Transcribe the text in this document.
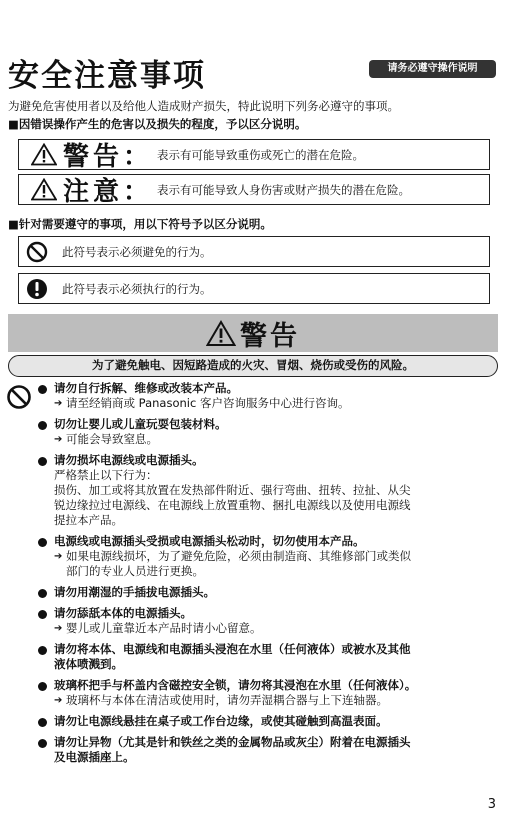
安全注意事项	请务必遵守操作说明
为避免危害使用者以及给他人造成财产损失，特此说明下列务必遵守的事项。
■因错误操作产生的危害以及损失的程度，予以区分说明。
警告 ： 表示有可能导致重伤或死亡的潜在危险。
注意 ： 表示有可能导致人身伤害或财产损失的潜在危险。
■针对需要遵守的事项，用以下符号予以区分说明。
此符号表示必须避免的行为。
此符号表示必须执行的行为。
警告
为了避免触电、因短路造成的火灾、冒烟、烧伤或受伤的风险。
请勿自行拆解、维修或改装本产品。
➔ 请至经销商或 Panasonic 客户咨询服务中心进行咨询。
切勿让婴儿或儿童玩耍包装材料。
➔ 可能会导致窒息。
请勿损坏电源线或电源插头。
严格禁止以下行为：
损伤、加工或将其放置在发热部件附近、强行弯曲、扭转、拉扯、从尖
锐边缘拉过电源线、在电源线上放置重物、捆扎电源线以及使用电源线
提拉本产品。
电源线或电源插头受损或电源插头松动时，切勿使用本产品。
➔ 如果电源线损坏，为了避免危险，必须由制造商、其维修部门或类似
部门的专业人员进行更换。
请勿用潮湿的手插拔电源插头。
请勿舔舐本体的电源插头。
➔ 婴儿或儿童靠近本产品时请小心留意。
请勿将本体、电源线和电源插头浸泡在水里（任何液体）或被水及其他
液体喷溅到。
玻璃杯把手与杯盖内含磁控安全锁，请勿将其浸泡在水里（任何液体）。
➔ 玻璃杯与本体在清洁或使用时，请勿弄湿耦合器与上下连轴器。
请勿让电源线悬挂在桌子或工作台边缘，或使其碰触到高温表面。
请勿让异物（尤其是针和铁丝之类的金属物品或灰尘）附着在电源插头
及电源插座上。
3
